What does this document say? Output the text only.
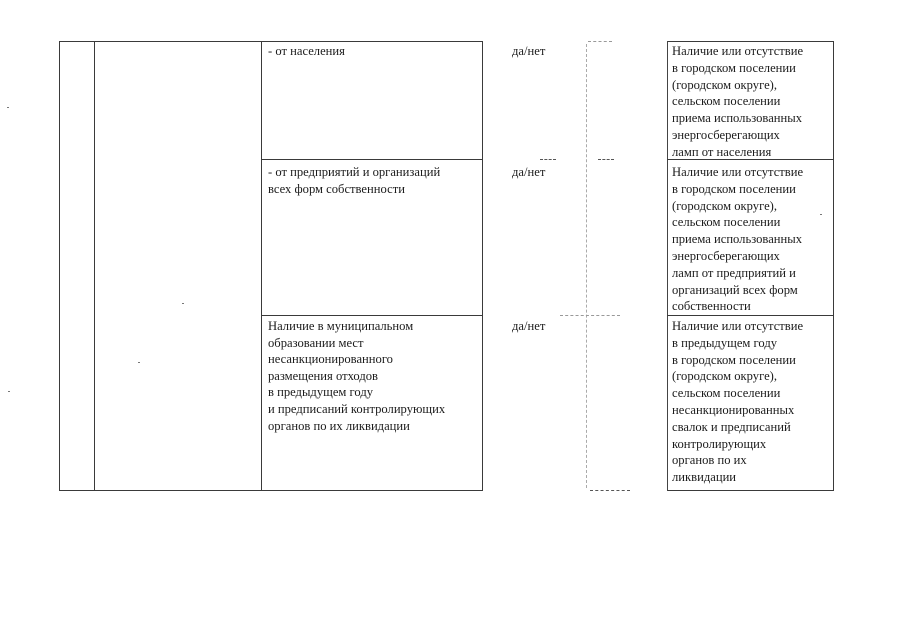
- от населения	да/нет	Наличие или отсутствие
в городском поселении
(городском округе),
сельском поселении
приема использованных
энергосберегающих
ламп от населения
- от предприятий и организаций
всех форм собственности
да/нет	Наличие или отсутствие
в городском поселении
(городском округе),
сельском поселении
приема использованных
энергосберегающих
ламп от предприятий и
организаций всех форм
собственности
Наличие в муниципальном
образовании мест
несанкционированного
размещения отходов
в предыдущем году
и предписаний контролирующих
органов по их ликвидации
да/нет	Наличие или отсутствие
в предыдущем году
в городском поселении
(городском округе),
сельском поселении
несанкционированных
свалок и предписаний
контролирующих
органов по их
ликвидации
